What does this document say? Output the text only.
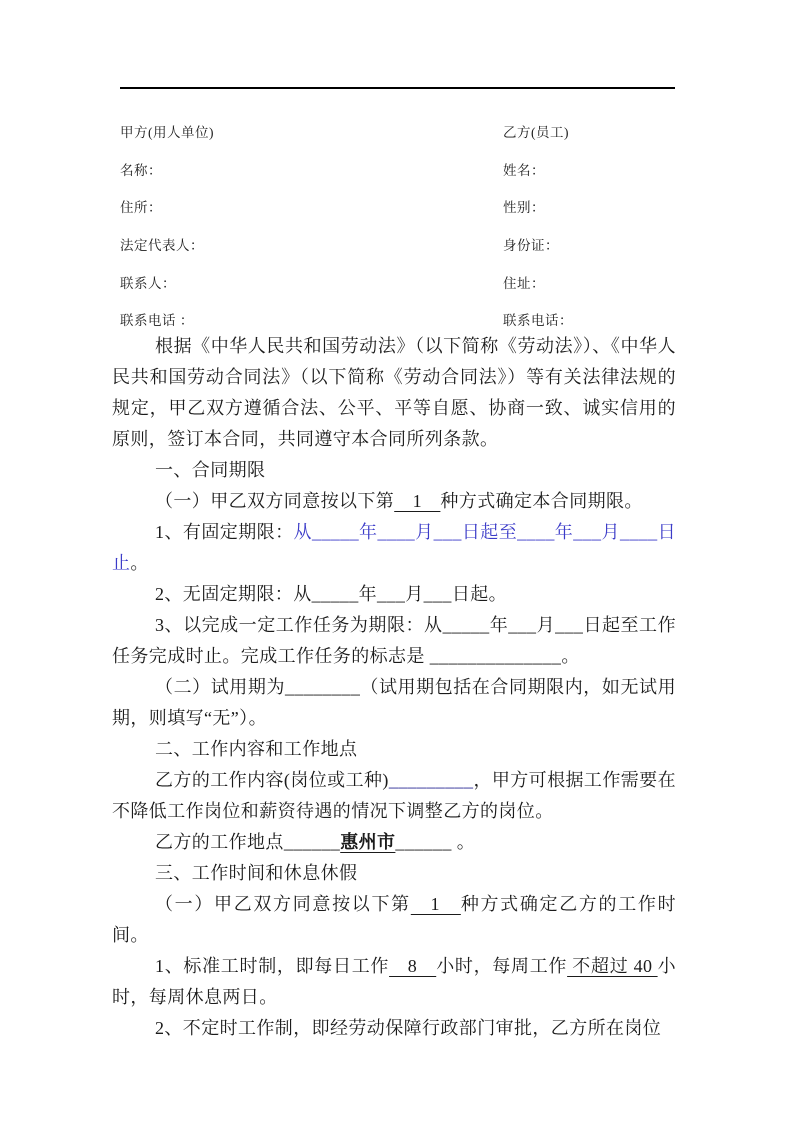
甲方(用人单位)
名称：
住所：
法定代表人：
联系人：
联系电话 ：
乙方(员工)
姓名：
性别：
身份证：
住址：
联系电话：

根据《中华人民共和国劳动法》（以下简称《劳动法》）、《中华人民共和国劳动合同法》（以下简称《劳动合同法》）等有关法律法规的规定，甲乙双方遵循合法、公平、平等自愿、协商一致、诚实信用的原则，签订本合同，共同遵守本合同所列条款。

一、合同期限

（一）甲乙双方同意按以下第　1　种方式确定本合同期限。

1、有固定期限：从_____年____月___日起至____年___月____日止。

2、无固定期限：从_____年___月___日起。

3、以完成一定工作任务为期限：从_____年___月___日起至工作任务完成时止。完成工作任务的标志是 ______________。

（二）试用期为________（试用期包括在合同期限内，如无试用期，则填写“无”）。

二、工作内容和工作地点

乙方的工作内容(岗位或工种)_________，甲方可根据工作需要在不降低工作岗位和薪资待遇的情况下调整乙方的岗位。

乙方的工作地点______惠州市______ 。

三、工作时间和休息休假

（一）甲乙双方同意按以下第　1　种方式确定乙方的工作时间。

1、标准工时制，即每日工作　8　小时，每周工作 不超过 40 小时，每周休息两日。

2、不定时工作制，即经劳动保障行政部门审批，乙方所在岗位
